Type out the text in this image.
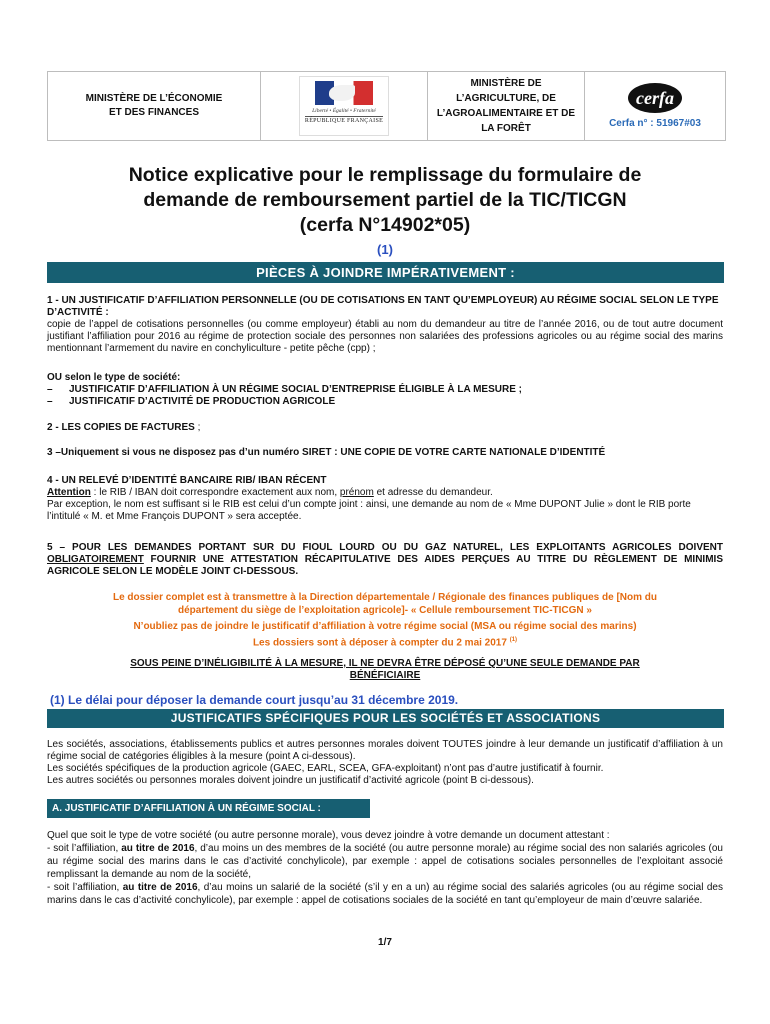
MINISTÈRE DE L’ÉCONOMIE
ET DES FINANCES	Liberté • Égalité • Fraternité
RÉPUBLIQUE FRANÇAISE
MINISTÈRE DE
L’AGRICULTURE, DE
L’AGROALIMENTAIRE ET DE
LA FORÊT
cerfa
Cerfa n° : 51967#03
Notice explicative pour le remplissage du formulaire de
demande de remboursement partiel de la TIC/TICGN
(cerfa N°14902*05)
(1)
PIÈCES À JOINDRE IMPÉRATIVEMENT :
1 - UN JUSTIFICATIF D’AFFILIATION PERSONNELLE (OU DE COTISATIONS EN TANT QU’EMPLOYEUR) AU RÉGIME SOCIAL SELON LE TYPE D’ACTIVITÉ :
copie de l’appel de cotisations personnelles (ou comme employeur) établi au nom du demandeur au titre de l’année 2016, ou de tout autre document justifiant l’affiliation pour 2016 au régime de protection sociale des personnes non salariées des professions agricoles ou au régime social des marins mentionnant l’armement du navire en conchyliculture - petite pêche (cpp) ;
OU selon le type de société:
–	JUSTIFICATIF D’AFFILIATION À UN RÉGIME SOCIAL D’ENTREPRISE ÉLIGIBLE À LA MESURE ;
–	JUSTIFICATIF D’ACTIVITÉ DE PRODUCTION AGRICOLE
2 - LES COPIES DE FACTURES ;
3 –Uniquement si vous ne disposez pas d’un numéro SIRET : UNE COPIE DE VOTRE CARTE NATIONALE D’IDENTITÉ
4 - UN RELEVÉ D’IDENTITÉ BANCAIRE RIB/ IBAN RÉCENT
Attention : le RIB / IBAN doit correspondre exactement aux nom, prénom et adresse du demandeur.
Par exception, le nom est suffisant si le RIB est celui d’un compte joint : ainsi, une demande au nom de « Mme DUPONT Julie » dont le RIB porte l’intitulé « M. et Mme François DUPONT » sera acceptée.
5 – POUR LES DEMANDES PORTANT SUR DU FIOUL LOURD OU DU GAZ NATUREL, LES EXPLOITANTS AGRICOLES DOIVENT OBLIGATOIREMENT FOURNIR UNE ATTESTATION RÉCAPITULATIVE DES AIDES PERÇUES AU TITRE DU RÈGLEMENT DE MINIMIS AGRICOLE SELON LE MODÈLE JOINT CI-DESSOUS.
Le dossier complet est à transmettre à la Direction départementale / Régionale des finances publiques de [Nom du
département du siège de l’exploitation agricole]- « Cellule remboursement TIC-TICGN »
N’oubliez pas de joindre le justificatif d’affiliation à votre régime social (MSA ou régime social des marins)
Les dossiers sont à déposer à compter du 2 mai 2017 $^{(1)}$
SOUS PEINE D’INÉLIGIBILITÉ À LA MESURE, IL NE DEVRA ÊTRE DÉPOSÉ QU’UNE SEULE DEMANDE PAR
BÉNÉFICIAIRE
(1) Le délai pour déposer la demande court jusqu’au 31 décembre 2019.
JUSTIFICATIFS SPÉCIFIQUES POUR LES SOCIÉTÉS ET ASSOCIATIONS
Les sociétés, associations, établissements publics et autres personnes morales doivent TOUTES joindre à leur demande un justificatif d’affiliation à un régime social de catégories éligibles à la mesure (point A ci-dessous).
Les sociétés spécifiques de la production agricole (GAEC, EARL, SCEA, GFA-exploitant) n’ont pas d’autre justificatif à fournir.
Les autres sociétés ou personnes morales doivent joindre un justificatif d’activité agricole (point B ci-dessous).
A. JUSTIFICATIF D’AFFILIATION À UN RÉGIME SOCIAL :
Quel que soit le type de votre société (ou autre personne morale), vous devez joindre à votre demande un document attestant :
- soit l’affiliation, au titre de 2016, d’au moins un des membres de la société (ou autre personne morale) au régime social des non salariés agricoles (ou au régime social des marins dans le cas d’activité conchylicole), par exemple : appel de cotisations sociales personnelles de l’exploitant associé remplissant la demande au nom de la société,
- soit l’affiliation, au titre de 2016, d’au moins un salarié de la société (s’il y en a un) au régime social des salariés agricoles (ou au régime social des marins dans le cas d’activité conchylicole), par exemple : appel de cotisations sociales de la société en tant qu’employeur de main d’œuvre salariée.
1/7
